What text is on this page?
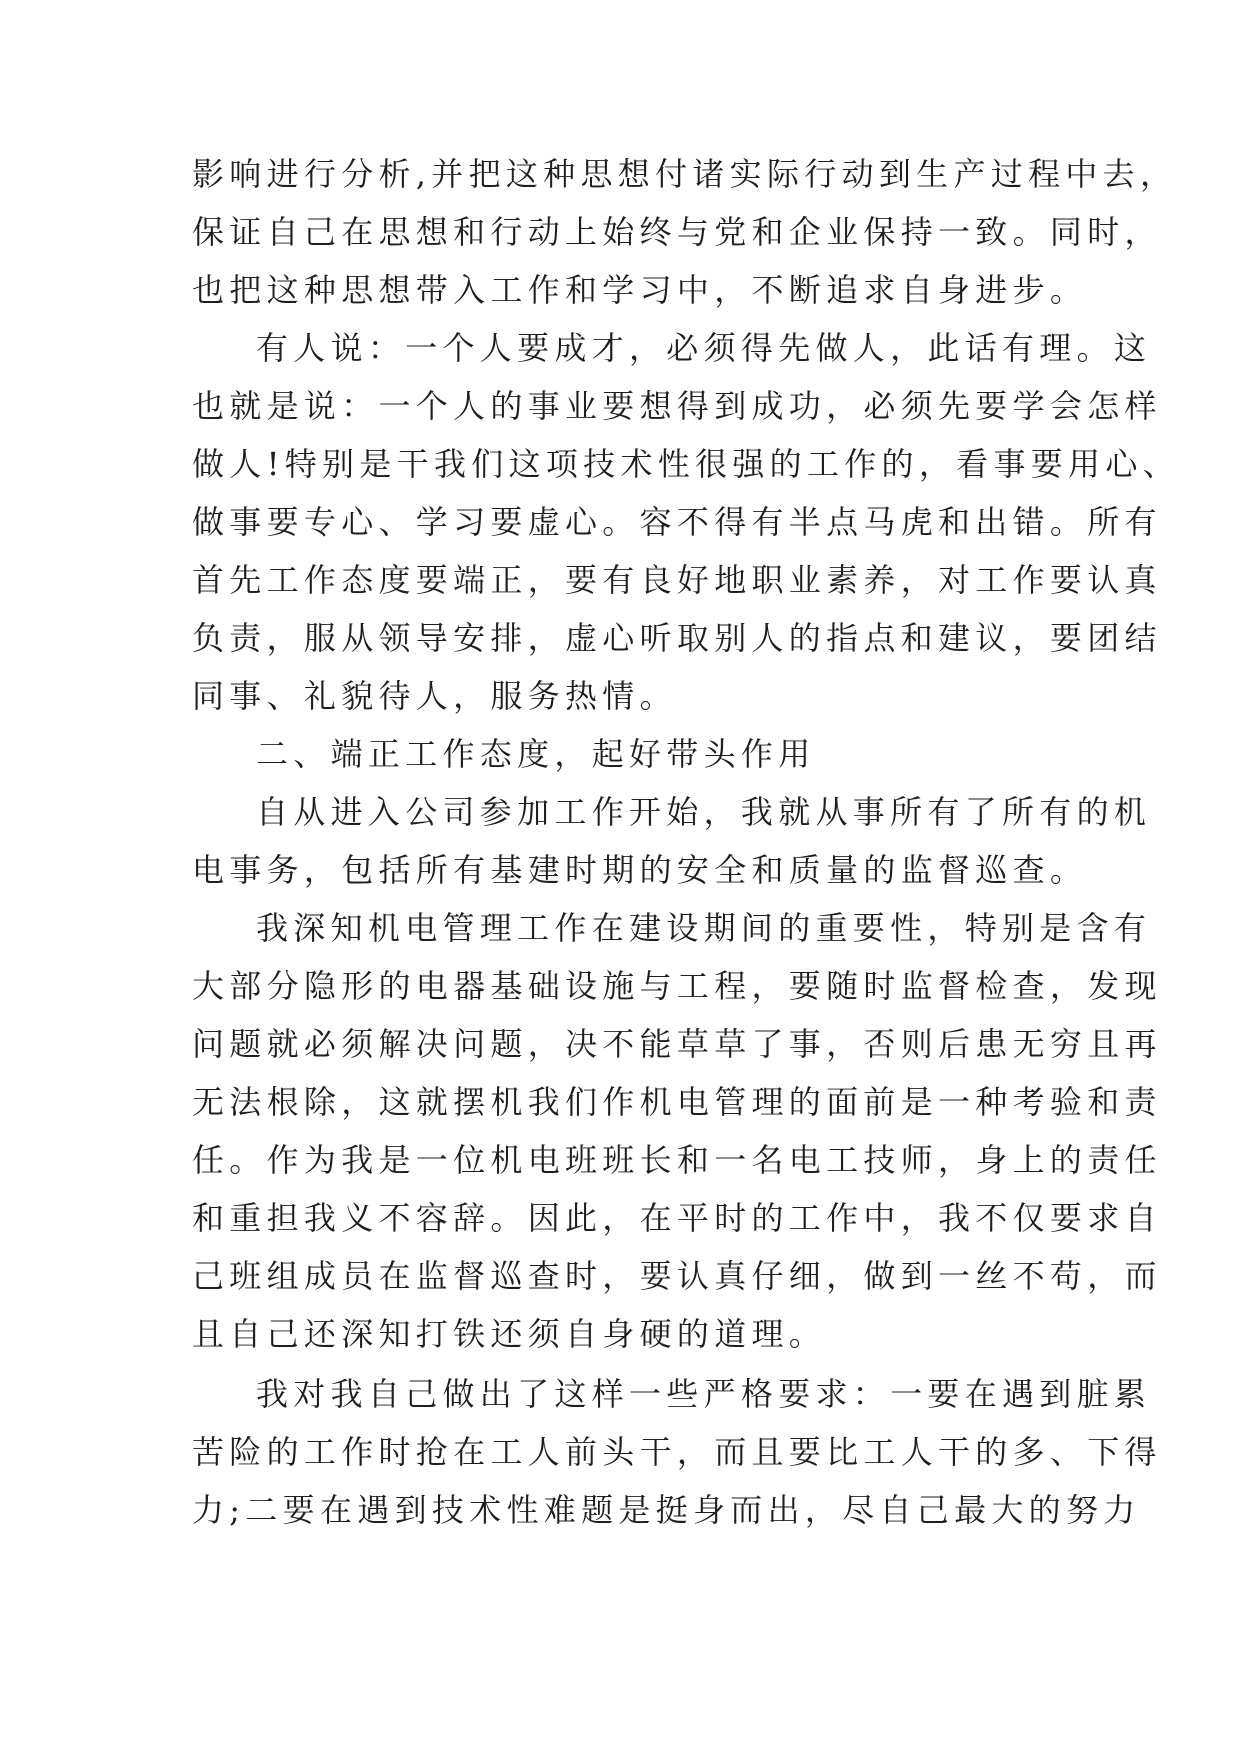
影响进行分析,并把这种思想付诸实际行动到生产过程中去，
保证自己在思想和行动上始终与党和企业保持一致。同时，
也把这种思想带入工作和学习中，不断追求自身进步。
有人说：一个人要成才，必须得先做人，此话有理。这
也就是说：一个人的事业要想得到成功，必须先要学会怎样
做人!特别是干我们这项技术性很强的工作的，看事要用心、
做事要专心、学习要虚心。容不得有半点马虎和出错。所有
首先工作态度要端正，要有良好地职业素养，对工作要认真
负责，服从领导安排，虚心听取别人的指点和建议，要团结
同事、礼貌待人，服务热情。
二、端正工作态度，起好带头作用
自从进入公司参加工作开始，我就从事所有了所有的机
电事务，包括所有基建时期的安全和质量的监督巡查。
我深知机电管理工作在建设期间的重要性，特别是含有
大部分隐形的电器基础设施与工程，要随时监督检查，发现
问题就必须解决问题，决不能草草了事，否则后患无穷且再
无法根除，这就摆机我们作机电管理的面前是一种考验和责
任。作为我是一位机电班班长和一名电工技师，身上的责任
和重担我义不容辞。因此，在平时的工作中，我不仅要求自
己班组成员在监督巡查时，要认真仔细，做到一丝不苟，而
且自己还深知打铁还须自身硬的道理。
我对我自己做出了这样一些严格要求：一要在遇到脏累
苦险的工作时抢在工人前头干，而且要比工人干的多、下得
力;二要在遇到技术性难题是挺身而出，尽自己最大的努力
